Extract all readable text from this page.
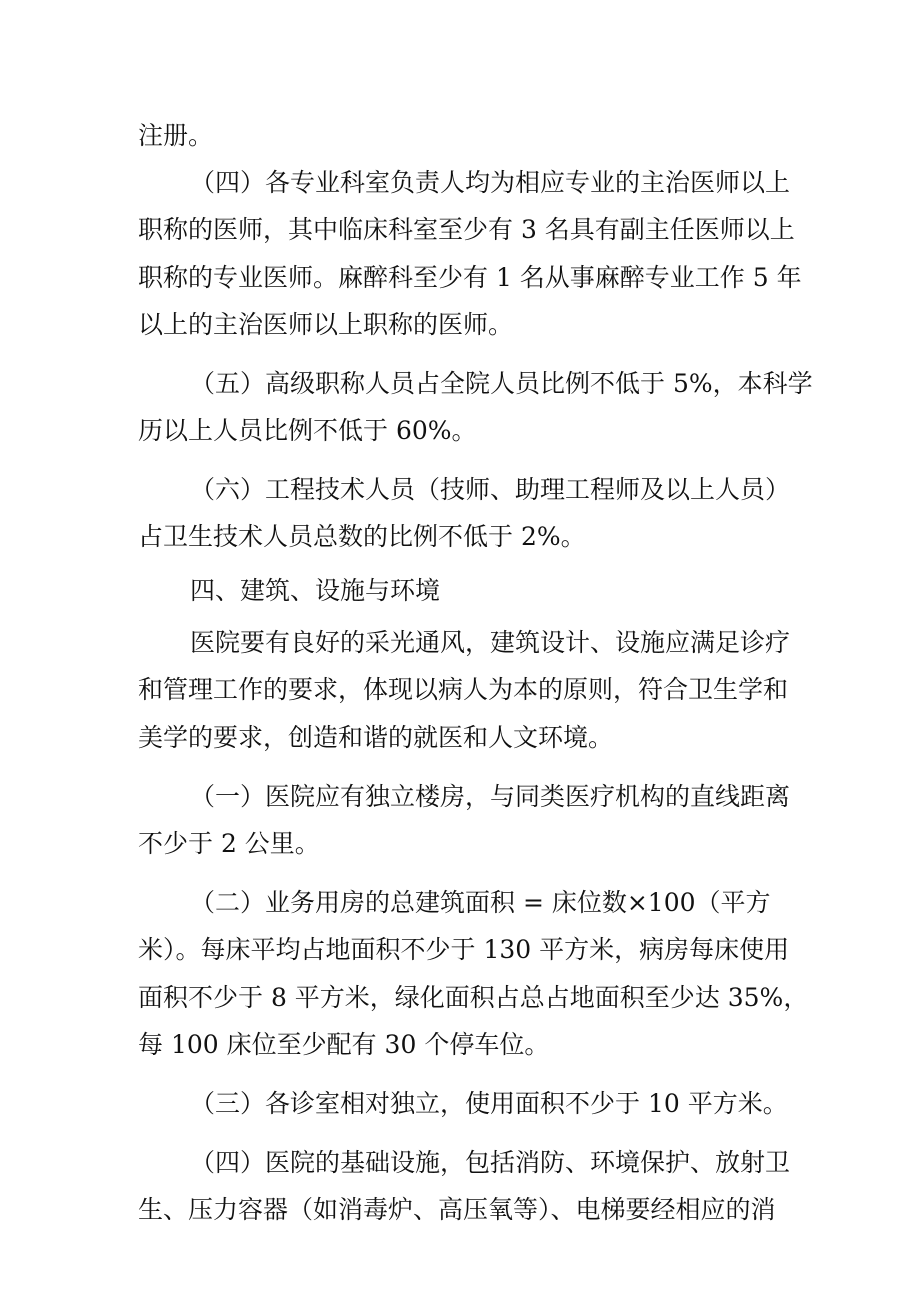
注册。
（四）各专业科室负责人均为相应专业的主治医师以上
职称的医师，其中临床科室至少有 3 名具有副主任医师以上
职称的专业医师。麻醉科至少有 1 名从事麻醉专业工作 5 年
以上的主治医师以上职称的医师。
（五）高级职称人员占全院人员比例不低于 5%，本科学
历以上人员比例不低于 60%。
（六）工程技术人员（技师、助理工程师及以上人员）
占卫生技术人员总数的比例不低于 2%。
四、建筑、设施与环境
医院要有良好的采光通风，建筑设计、设施应满足诊疗
和管理工作的要求，体现以病人为本的原则，符合卫生学和
美学的要求，创造和谐的就医和人文环境。
（一）医院应有独立楼房，与同类医疗机构的直线距离
不少于 2 公里。
（二）业务用房的总建筑面积 = 床位数×100（平方
米）。每床平均占地面积不少于 130 平方米，病房每床使用
面积不少于 8 平方米，绿化面积占总占地面积至少达 35%，
每 100 床位至少配有 30 个停车位。
（三）各诊室相对独立，使用面积不少于 10 平方米。
（四）医院的基础设施，包括消防、环境保护、放射卫
生、压力容器（如消毒炉、高压氧等）、电梯要经相应的消
